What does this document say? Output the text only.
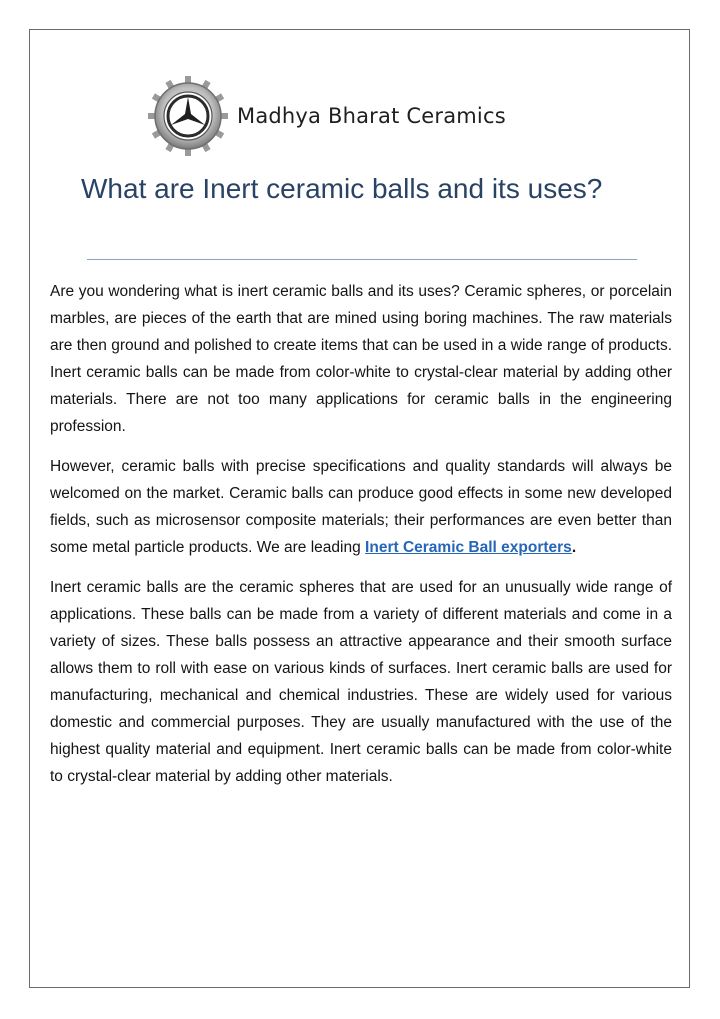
Madhya Bharat Ceramics
What are Inert ceramic balls and its uses?

Are you wondering what is inert ceramic balls and its uses? Ceramic spheres, or porcelain marbles, are pieces of the earth that are mined using boring machines. The raw materials are then ground and polished to create items that can be used in a wide range of products. Inert ceramic balls can be made from color-white to crystal-clear material by adding other materials. There are not too many applications for ceramic balls in the engineering profession.

However, ceramic balls with precise specifications and quality standards will always be welcomed on the market. Ceramic balls can produce good effects in some new developed fields, such as microsensor composite materials; their performances are even better than some metal particle products. We are leading Inert Ceramic Ball exporters.

Inert ceramic balls are the ceramic spheres that are used for an unusually wide range of applications. These balls can be made from a variety of different materials and come in a variety of sizes. These balls possess an attractive appearance and their smooth surface allows them to roll with ease on various kinds of surfaces. Inert ceramic balls are used for manufacturing, mechanical and chemical industries. These are widely used for various domestic and commercial purposes. They are usually manufactured with the use of the highest quality material and equipment. Inert ceramic balls can be made from color-white to crystal-clear material by adding other materials.
